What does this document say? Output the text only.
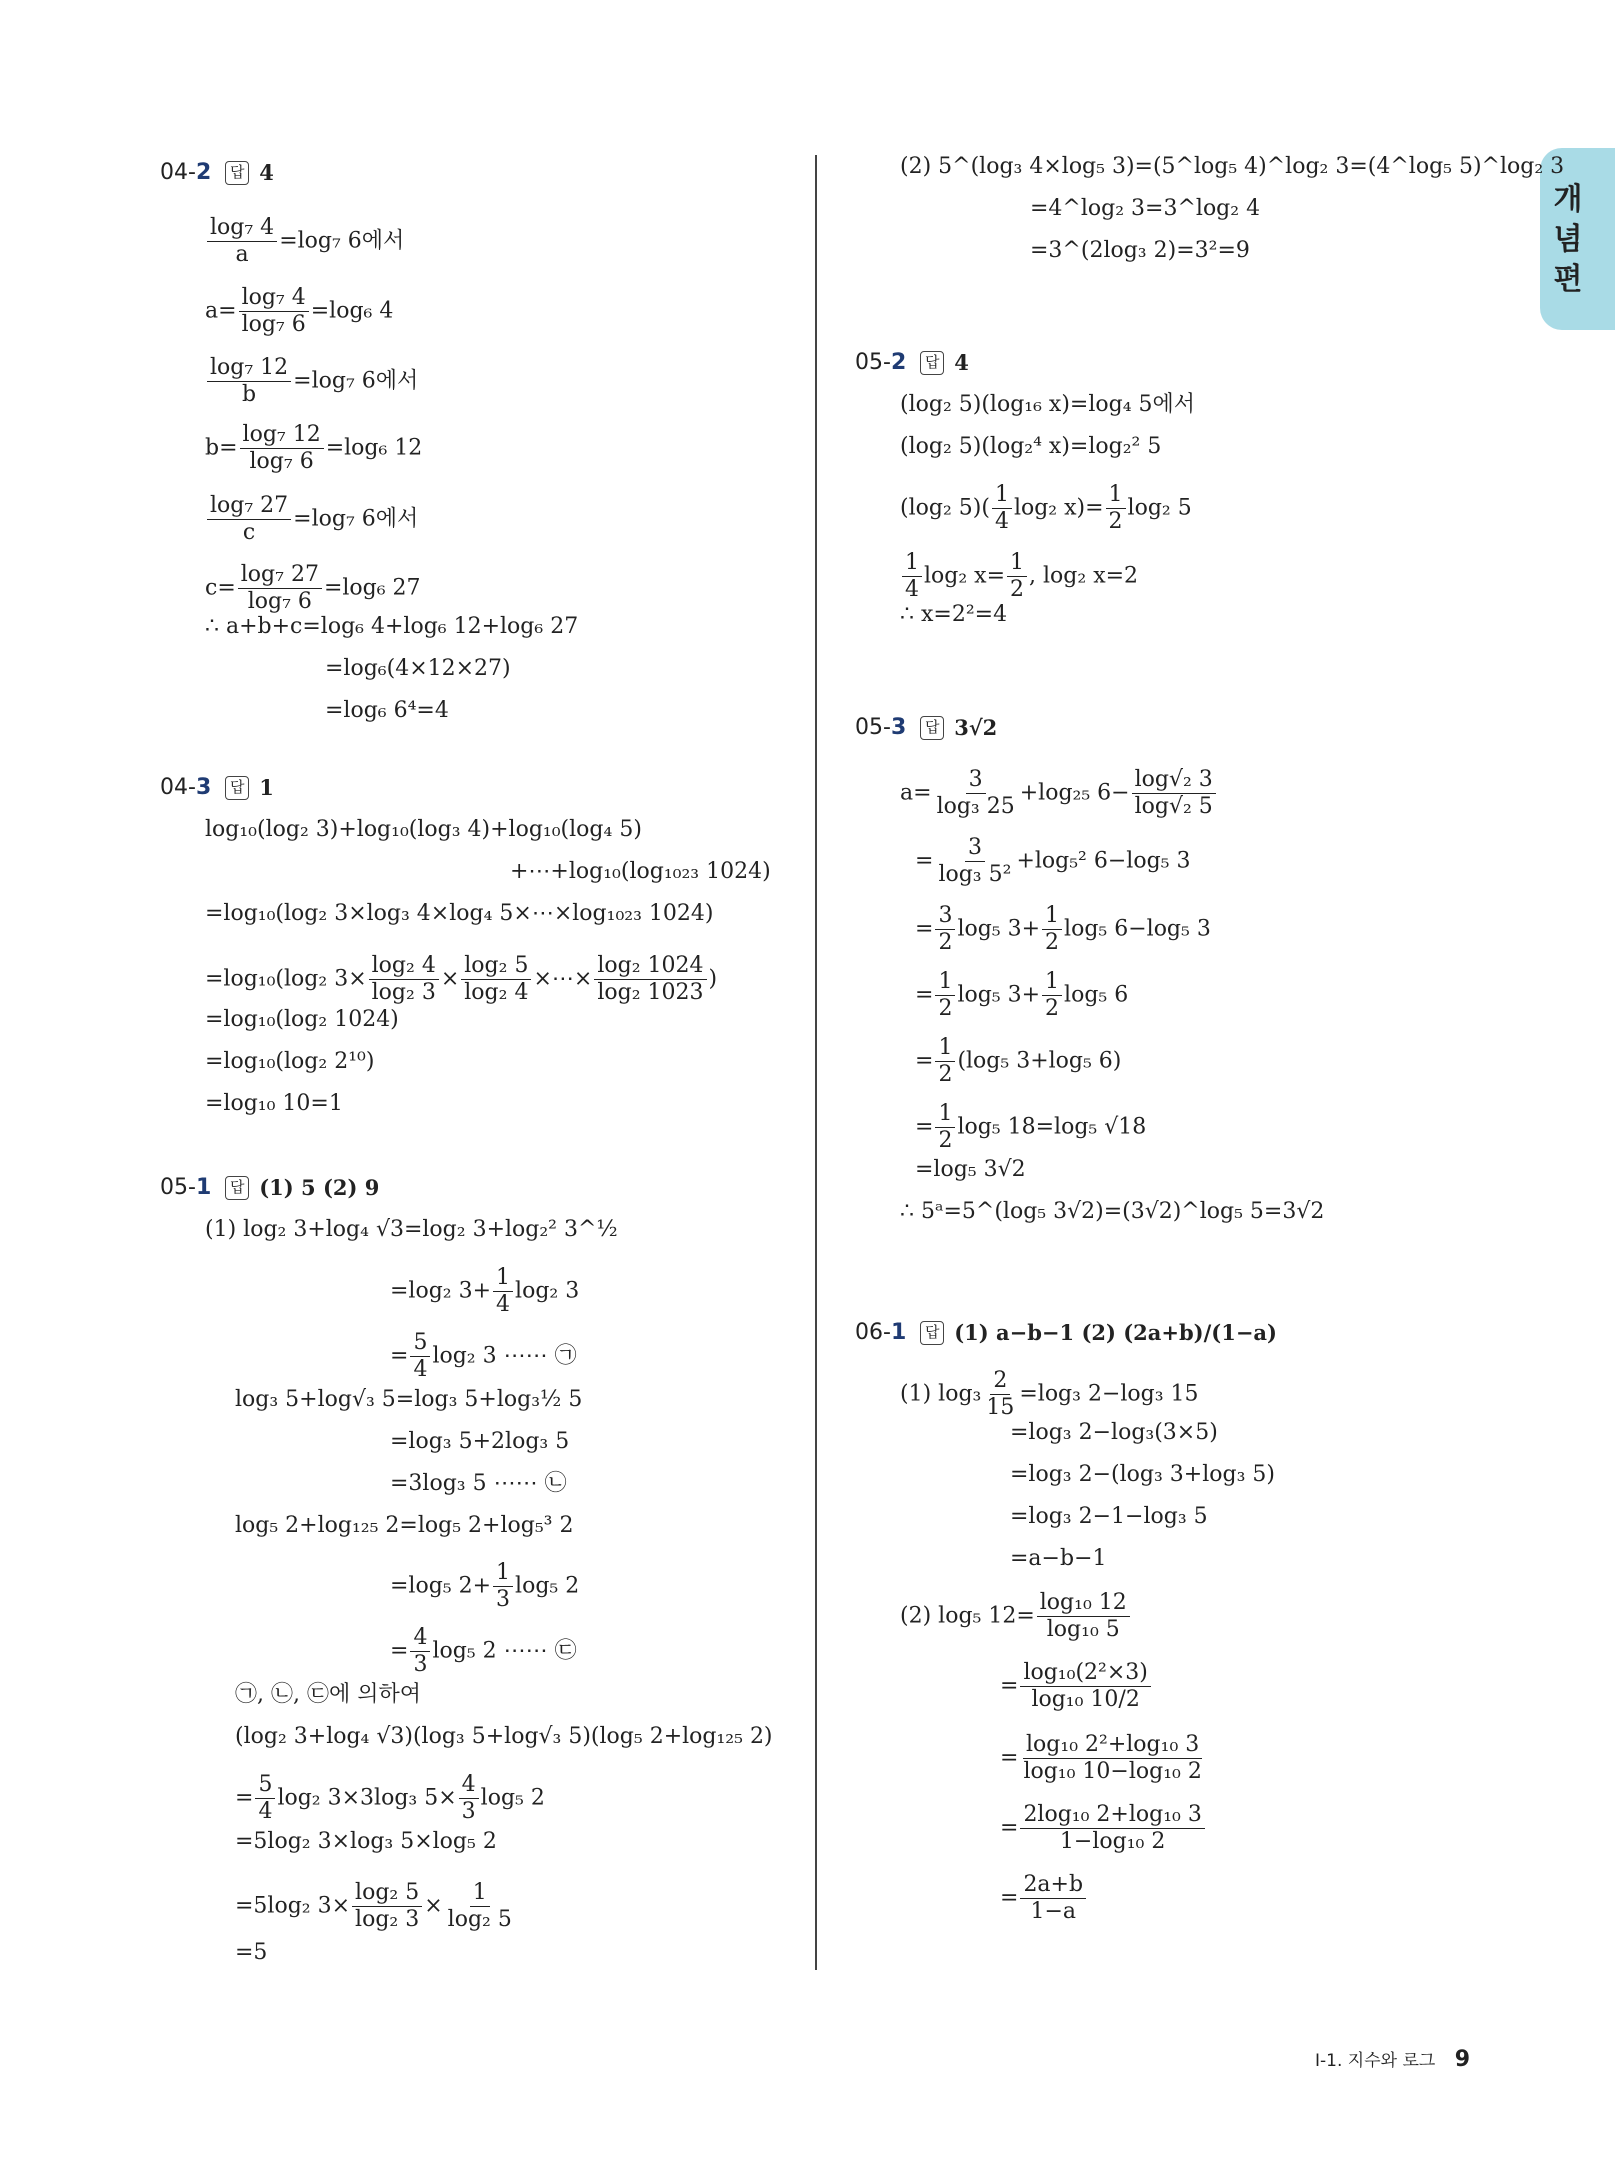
개념편
04-2	답 4
$\frac{\text{log₇ 4}}{a} =\log_7$ 6에서
$a= \frac{\text{log₇ 4}}{\text{log₇ 6}} =\log_6$ 4
$\frac{\text{log₇ 12}}{b} =\log_7$ 6에서
$b= \frac{\text{log₇ 12}}{\text{log₇ 6}} =\log_6$ 12
$\frac{\text{log₇ 27}}{c} =\log_7$ 6에서
$c= \frac{\text{log₇ 27}}{\text{log₇ 6}} =\log_6$ 27
∴ a+b+c=log₆ 4+log₆ 12+log₆ 27
=log₆(4×12×27)
=log₆ 6⁴=4
04-3	답 1
log₁₀(log₂ 3)+log₁₀(log₃ 4)+log₁₀(log₄ 5)
+⋯+log₁₀(log₁₀₂₃ 1024)
=log₁₀(log₂ 3×log₃ 4×log₄ 5×⋯×log₁₀₂₃ 1024)
=log₁₀(log₂ $3\times \frac{\text{log₂ 4}}{\text{log₂ 3}} \times \frac{\text{log₂ 5}}{\text{log₂ 4}}$ ×⋯× $\frac{\text{log₂ 1024}}{\text{log₂ 1023}}$ )
=log₁₀(log₂ 1024)
=log₁₀(log₂ 2¹⁰)
=log₁₀ 10=1
05-1	답 (1) 5 (2) 9
(1) log₂ 3+log₄ √3=log₂ 3+log₂² 3^½
=log₂ $3+ \frac{1}{4} \log_2$ 3
= $\frac{5}{4} \log_2$ 3 ⋯⋯ ㉠
log₃ 5+log√₃ 5=log₃ 5+log₃½ 5
=log₃ 5+2log₃ 5
=3log₃ 5 ⋯⋯ ㉡
log₅ 2+log₁₂₅ 2=log₅ 2+log₅³ 2
=log₅ $2+ \frac{1}{3} \log_5$ 2
= $\frac{4}{3} \log_5$ 2 ⋯⋯ ㉢
㉠, ㉡, ㉢에 의하여
(log₂ 3+log₄ √3)(log₃ 5+log√₃ 5)(log₅ 2+log₁₂₅ 2)
= $\frac{5}{4} \log_2$ 3×3log₃ $5\times \frac{4}{3} \log_5$ 2
=5log₂ 3×log₃ 5×log₅ 2
=5log₂ $3\times \frac{\text{log₂ 5}}{\text{log₂ 3}} \times \frac{1}{\text{log₂ 5}}$
=5
(2) 5^(log₃ 4×log₅ 3)=(5^log₅ 4)^log₂ 3=(4^log₅ 5)^log₂ 3
=4^log₂ 3=3^log₂ 4
=3^(2log₃ 2)=3²=9
05-2	답 4
(log₂ 5)(log₁₆ x)=log₄ 5에서
(log₂ 5)(log₂⁴ x)=log₂² 5
(log₂ $5)( \frac{1}{4} \log_2$ $x)= \frac{1}{2} \log_2$ 5
$\frac{1}{4} \log_2$ $x= \frac{1}{2}$ , log₂ x=2
∴ x=2²=4
05-3	답 3√2
$a= \frac{3}{\text{log₃ 25}} +\log_{25}$ $6- \frac{\text{log√₂ 3}}{\text{log√₂ 5}}$
= $\frac{3}{\text{log₃ 5²}} +\log_5^2$ 6−log₅ 3
= $\frac{3}{2} \log_5$ $3+ \frac{1}{2} \log_5$ 6−log₅ 3
= $\frac{1}{2} \log_5$ $3+ \frac{1}{2} \log_5$ 6
= $\frac{1}{2} (\log_5$ 3+log₅ 6)
= $\frac{1}{2} \log_5$ 18=log₅ √18
=log₅ 3√2
∴ 5ᵃ=5^(log₅ 3√2)=(3√2)^log₅ 5=3√2
06-1	답 (1) a−b−1 (2) (2a+b)/(1−a)
(1) $\log_3 \frac{2}{15} =\log_3$ 2−log₃ 15
=log₃ 2−log₃(3×5)
=log₃ 2−(log₃ 3+log₃ 5)
=log₃ 2−1−log₃ 5
=a−b−1
(2) log₅ $12= \frac{\text{log₁₀ 12}}{\text{log₁₀ 5}}$
= $\frac{\text{log₁₀(2²×3)}}{\text{log₁₀ 10/2}}$
= $\frac{\text{log₁₀ 2²+log₁₀ 3}}{\text{log₁₀ 10−log₁₀ 2}}$
= $\frac{\text{2log₁₀ 2+log₁₀ 3}}{\text{1−log₁₀ 2}}$
= $\frac{2a+b}{1-a}$
Ⅰ-1. 지수와 로그 9
